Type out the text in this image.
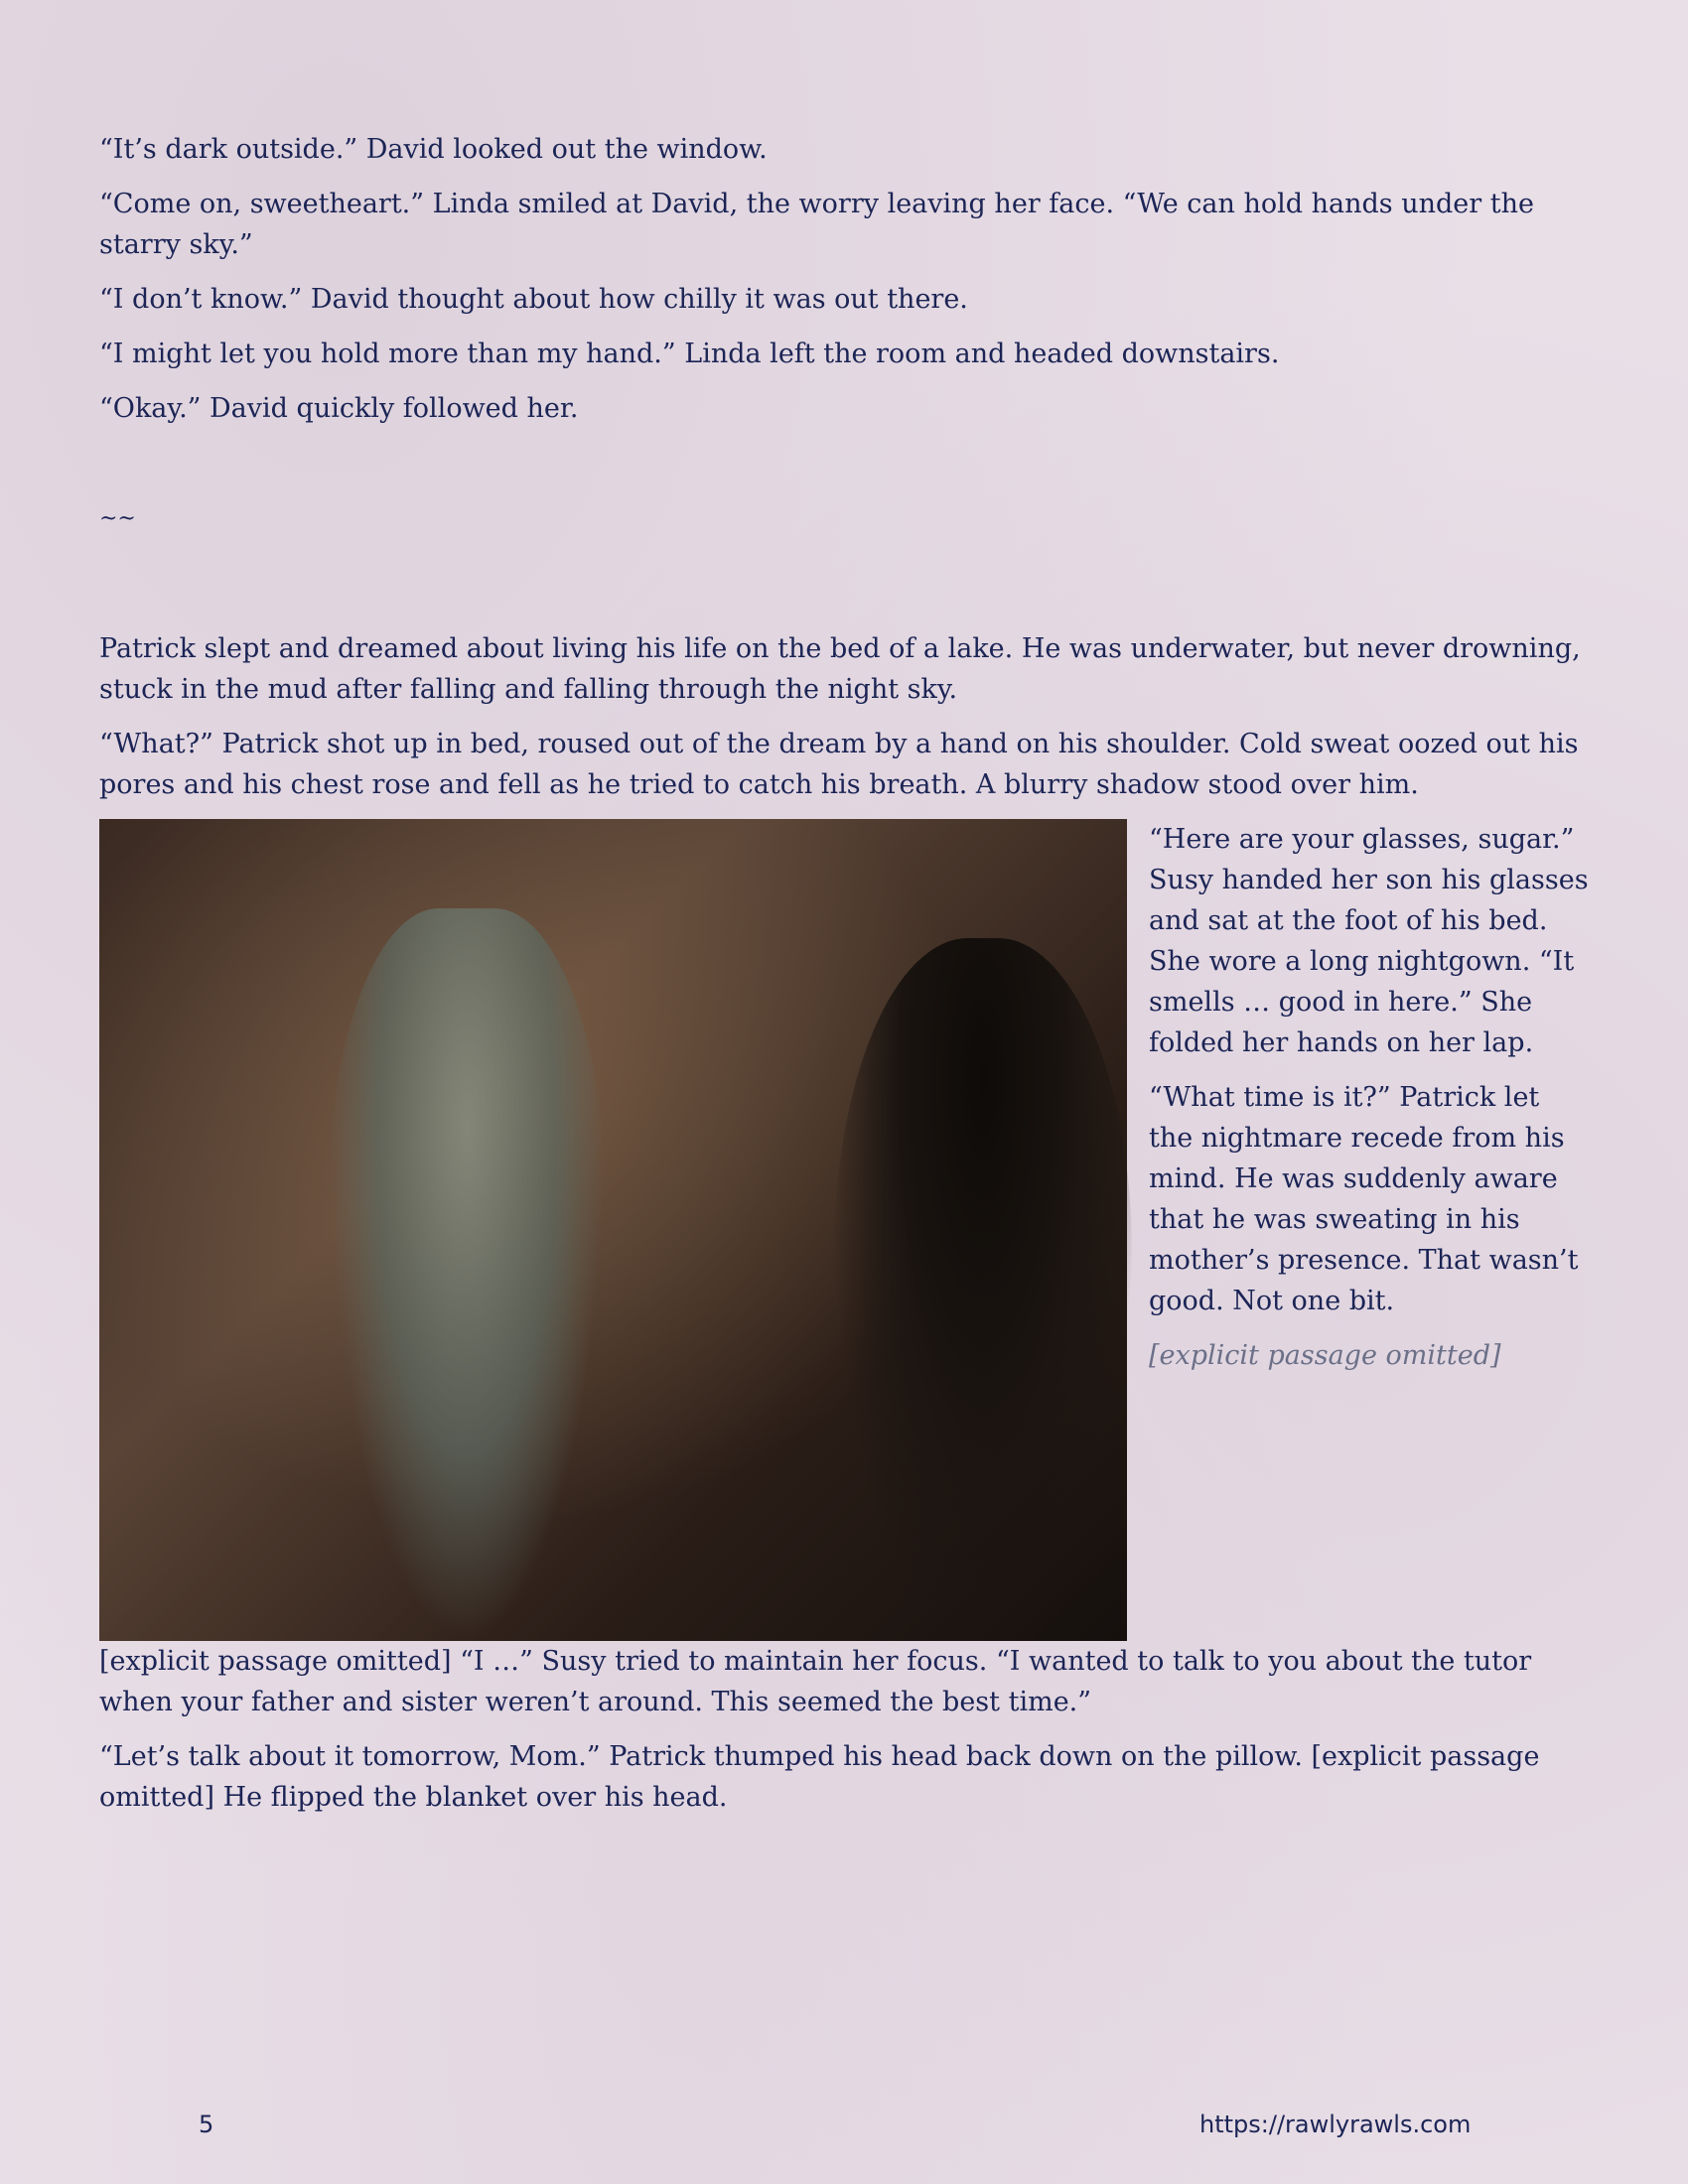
“It’s dark outside.” David looked out the window.

“Come on, sweetheart.” Linda smiled at David, the worry leaving her face. “We can hold hands under the starry sky.”

“I don’t know.” David thought about how chilly it was out there.

“I might let you hold more than my hand.” Linda left the room and headed downstairs.

“Okay.” David quickly followed her.

~~

Patrick slept and dreamed about living his life on the bed of a lake. He was underwater, but never drowning, stuck in the mud after falling and falling through the night sky.

“What?” Patrick shot up in bed, roused out of the dream by a hand on his shoulder. Cold sweat oozed out his pores and his chest rose and fell as he tried to catch his breath. A blurry shadow stood over him.

“Here are your glasses, sugar.” Susy handed her son his glasses and sat at the foot of his bed. She wore a long nightgown. “It smells … good in here.” She folded her hands on her lap.

“What time is it?” Patrick let the nightmare recede from his mind. He was suddenly aware that he was sweating in his mother’s presence. That wasn’t good. Not one bit.

[explicit passage omitted]

[explicit passage omitted] “I …” Susy tried to maintain her focus. “I wanted to talk to you about the tutor when your father and sister weren’t around. This seemed the best time.”

“Let’s talk about it tomorrow, Mom.” Patrick thumped his head back down on the pillow. [explicit passage omitted] He flipped the blanket over his head.

5	https://rawlyrawls.com
